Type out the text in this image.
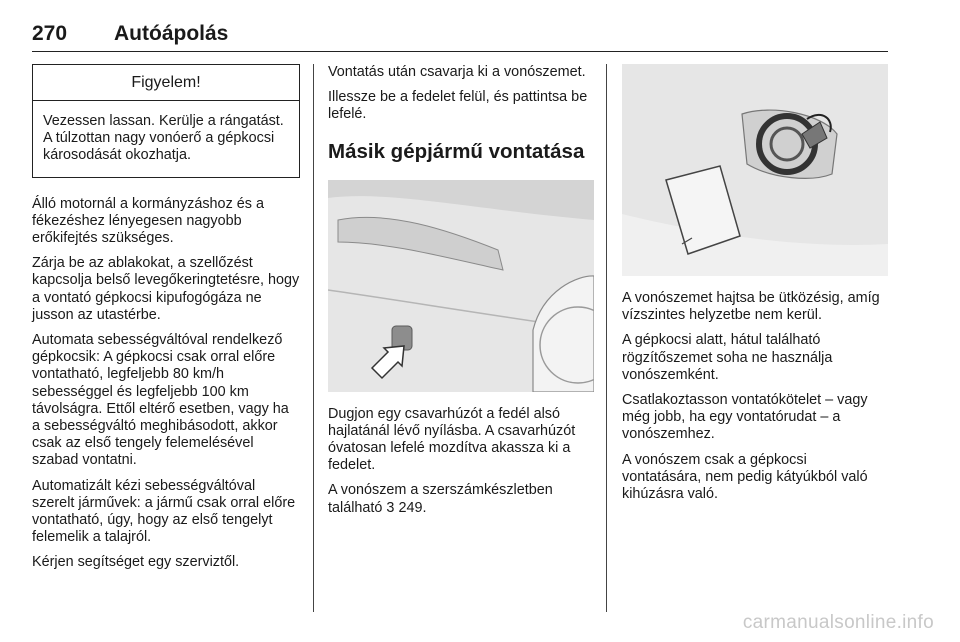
270 Autóápolás
Figyelem!

Vezessen lassan. Kerülje a rángatást. A túlzottan nagy vonóerő a gépkocsi károsodását okozhatja.

Álló motornál a kormányzáshoz és a fékezéshez lényegesen nagyobb erőkifejtés szükséges.

Zárja be az ablakokat, a szellőzést kapcsolja belső levegőkeringtetésre, hogy a vontató gépkocsi kipufogógáza ne jusson az utastérbe.

Automata sebességváltóval rendelkező gépkocsik: A gépkocsi csak orral előre vontatható, legfeljebb 80 km/h sebességgel és legfeljebb 100 km távolságra. Ettől eltérő esetben, vagy ha a sebességváltó meghibásodott, akkor csak az első tengely felemelésével szabad vontatni.

Automatizált kézi sebességváltóval szerelt járművek: a jármű csak orral előre vontatható, úgy, hogy az első tengelyt felemelik a talajról.

Kérjen segítséget egy szerviztől.

Vontatás után csavarja ki a vonószemet.

Illessze be a fedelet felül, és pattintsa be lefelé.

Másik gépjármű vontatása

Dugjon egy csavarhúzót a fedél alsó hajlatánál lévő nyílásba. A csavarhúzót óvatosan lefelé mozdítva akassza ki a fedelet.

A vonószem a szerszámkészletben található 3 249.

A vonószemet hajtsa be ütközésig, amíg vízszintes helyzetbe nem kerül.

A gépkocsi alatt, hátul található rögzítőszemet soha ne használja vonószemként.

Csatlakoztasson vontatókötelet – vagy még jobb, ha egy vontatórudat – a vonószemhez.

A vonószem csak a gépkocsi vontatására, nem pedig kátyúkból való kihúzásra való.

carmanualsonline.info
